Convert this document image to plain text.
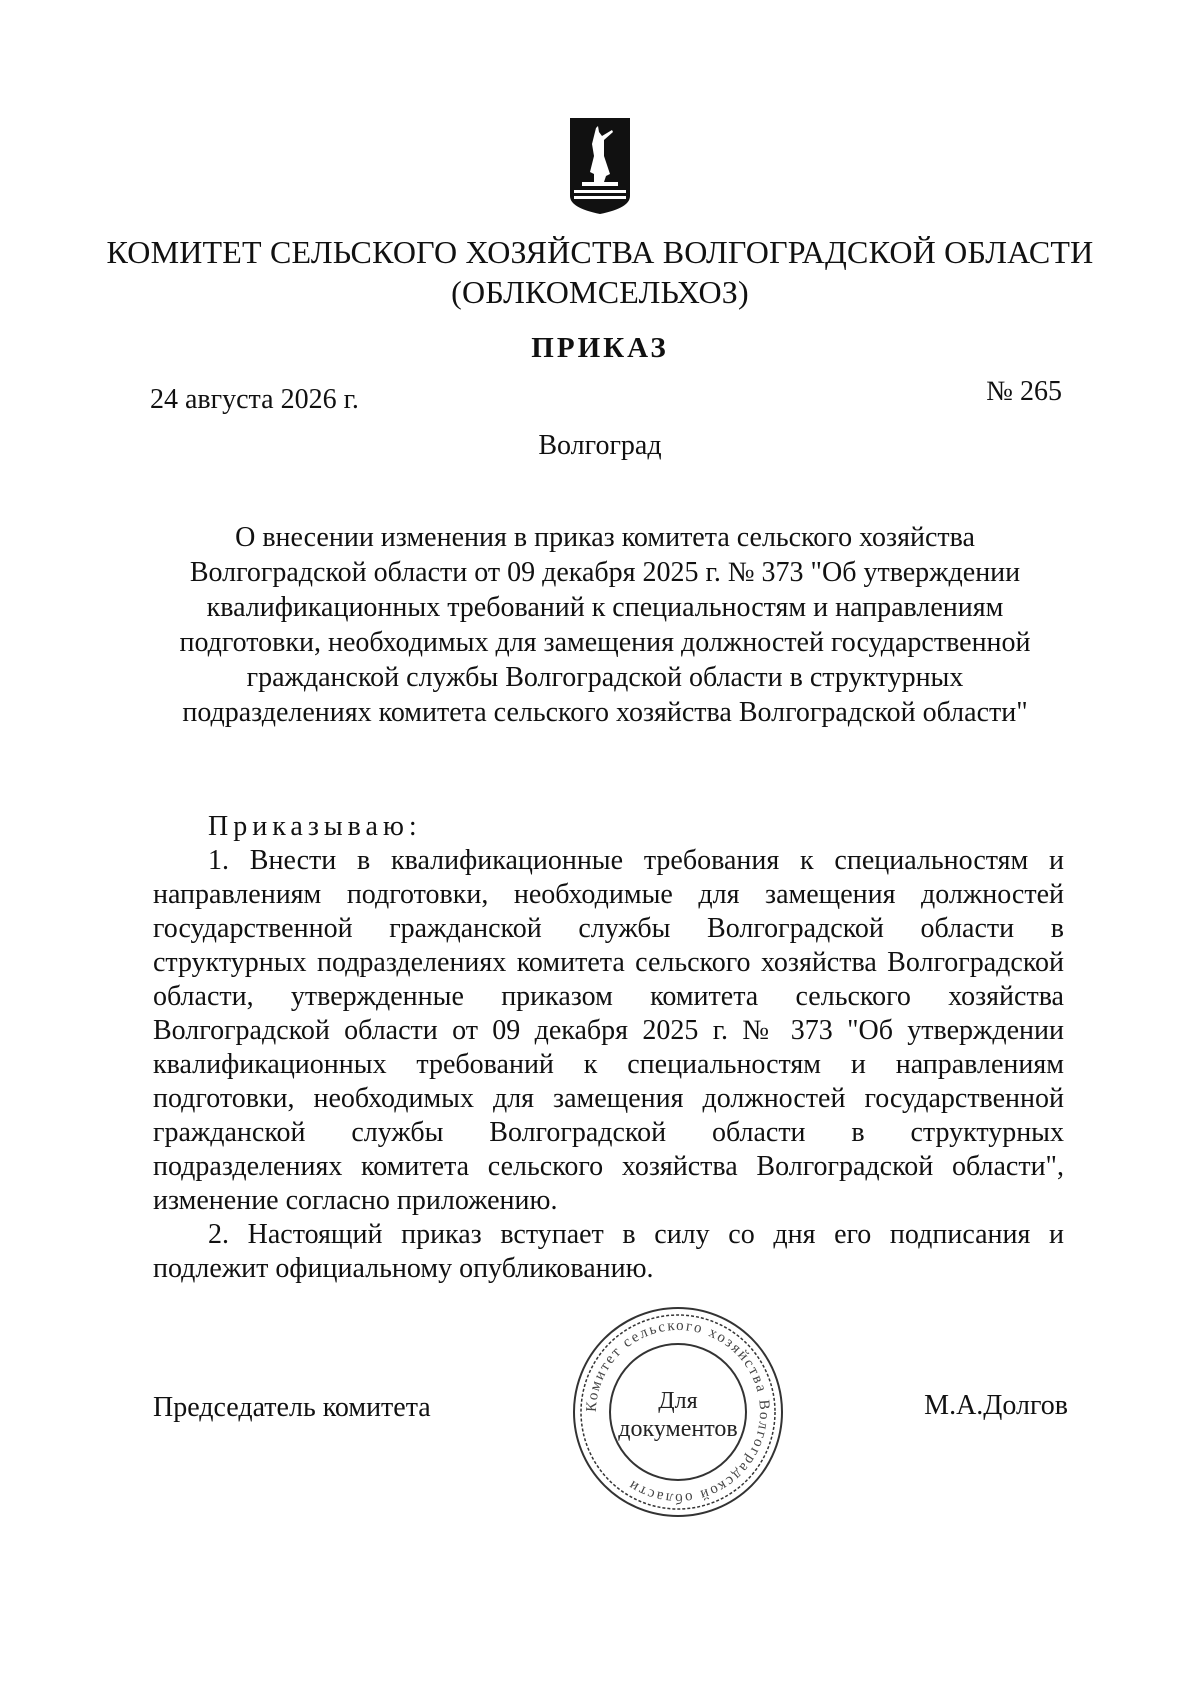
КОМИТЕТ СЕЛЬСКОГО ХОЗЯЙСТВА ВОЛГОГРАДСКОЙ ОБЛАСТИ
(ОБЛКОМСЕЛЬХОЗ)
ПРИКАЗ
24 августа 2026 г.	№ 265
Волгоград
О внесении изменения в приказ комитета сельского хозяйства
Волгоградской области от 09 декабря 2025 г. № 373 "Об утверждении
квалификационных требований к специальностям и направлениям
подготовки, необходимых для замещения должностей государственной
гражданской службы Волгоградской области в структурных
подразделениях комитета сельского хозяйства Волгоградской области"
Приказываю:

1. Внести в квалификационные требования к специальностям и направлениям подготовки, необходимые для замещения должностей государственной гражданской службы Волгоградской области в структурных подразделениях комитета сельского хозяйства Волгоградской области, утвержденные приказом комитета сельского хозяйства Волгоградской области от 09 декабря 2025 г. № 373 "Об утверждении квалификационных требований к специальностям и направлениям подготовки, необходимых для замещения должностей государственной гражданской службы Волгоградской области в структурных подразделениях комитета сельского хозяйства Волгоградской области", изменение согласно приложению.

2. Настоящий приказ вступает в силу со дня его подписания и подлежит официальному опубликованию.

Председатель комитета	М.А.Долгов
Комитет сельского хозяйства Волгоградской области
Для
документов
